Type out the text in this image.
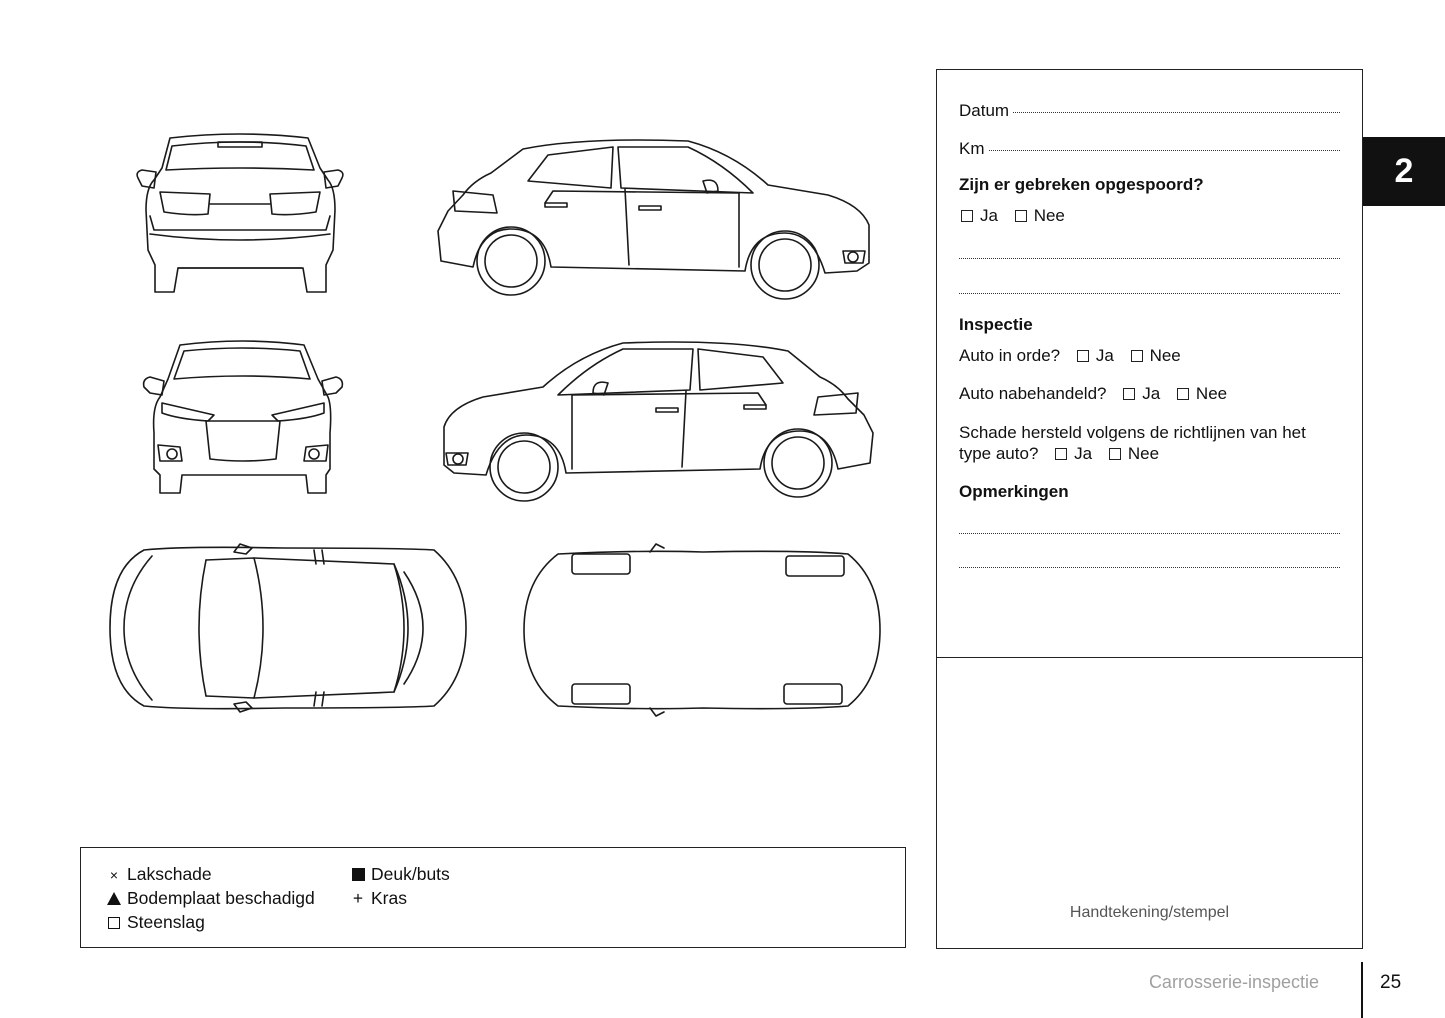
× Lakschade
Bodemplaat beschadigd
Steenslag
Deuk/buts
+ Kras
Datum
Km
Zijn er gebreken opgespoord?
Ja Nee
Inspectie
Auto in orde? Ja Nee
Auto nabehandeld? Ja Nee
Schade hersteld volgens de richtlijnen van het
type auto? Ja Nee
Opmerkingen
Handtekening/stempel
2
Carrosserie-inspectie	25
